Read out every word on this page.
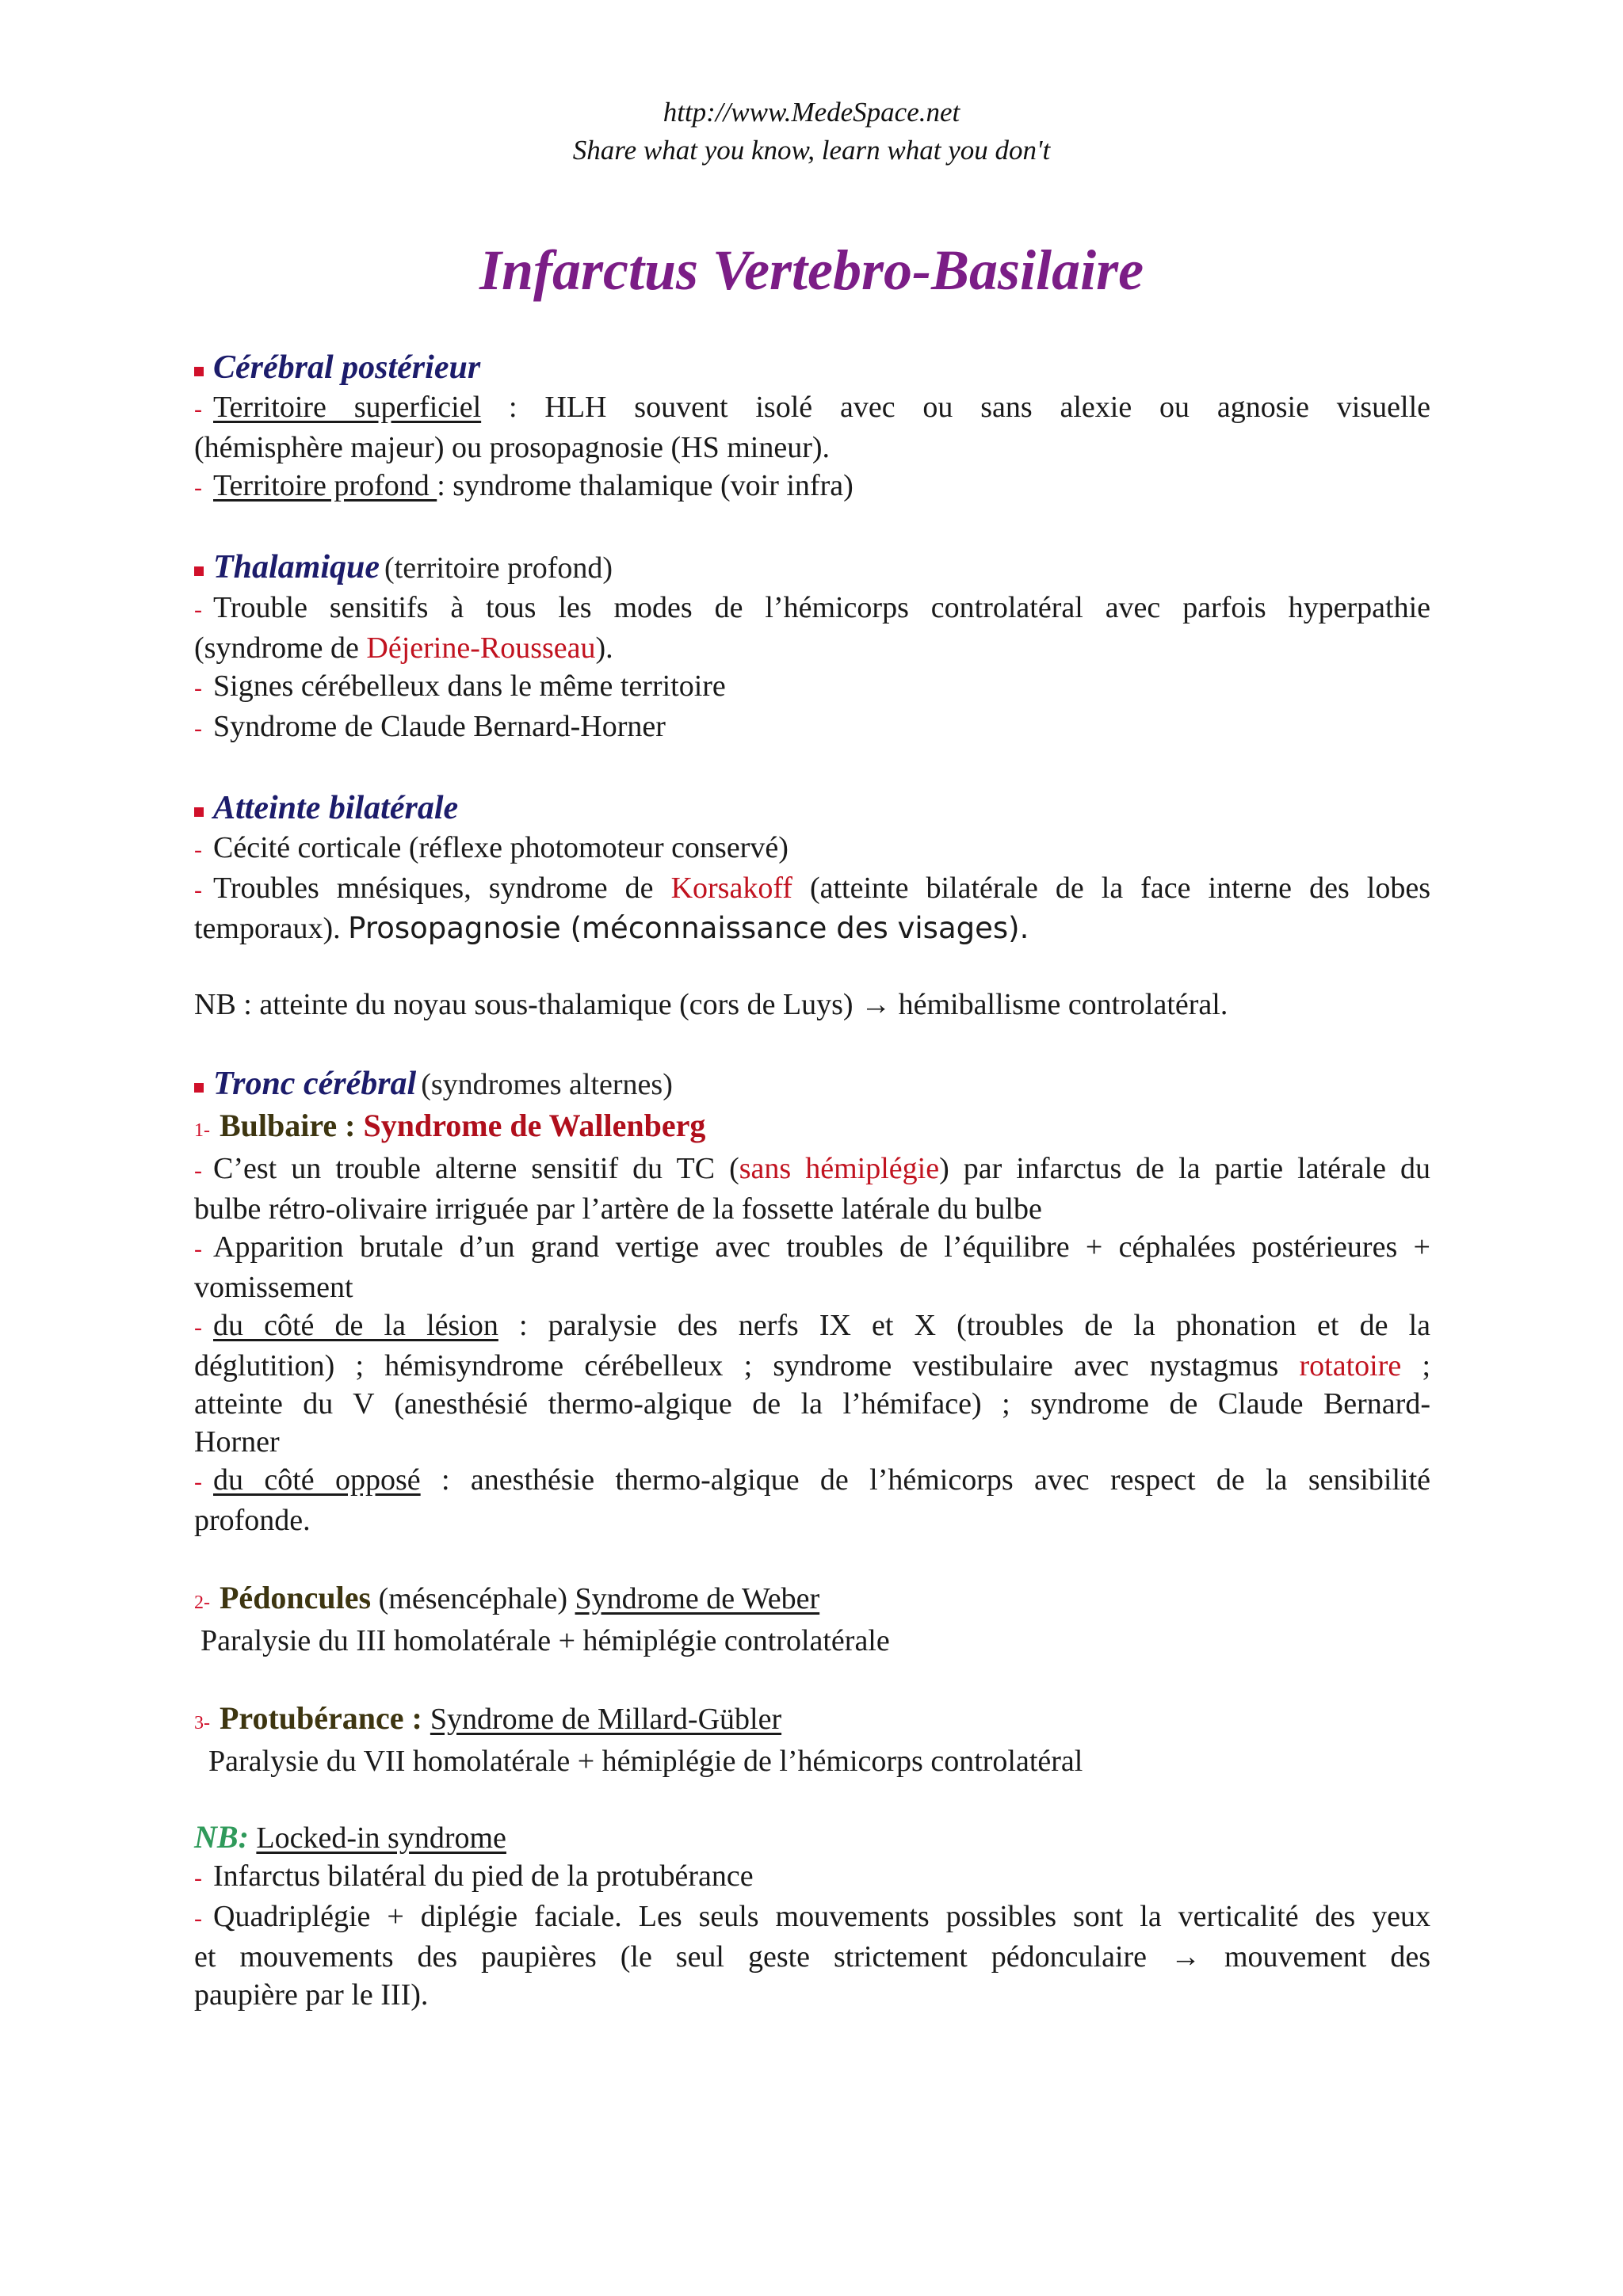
http://www.MedeSpace.net
Share what you know, learn what you don't
Infarctus Vertebro-Basilaire
Cérébral postérieur
- Territoire superficiel : HLH souvent isolé avec ou sans alexie ou agnosie visuelle
(hémisphère majeur) ou prosopagnosie (HS mineur).
- Territoire profond : syndrome thalamique (voir infra)
Thalamique (territoire profond)
- Trouble sensitifs à tous les modes de l’hémicorps controlatéral avec parfois hyperpathie
(syndrome de Déjerine-Rousseau).
- Signes cérébelleux dans le même territoire
- Syndrome de Claude Bernard-Horner
Atteinte bilatérale
- Cécité corticale (réflexe photomoteur conservé)
- Troubles mnésiques, syndrome de Korsakoff (atteinte bilatérale de la face interne des lobes
temporaux). Prosopagnosie (méconnaissance des visages).
NB : atteinte du noyau sous-thalamique (cors de Luys) → hémiballisme controlatéral.
Tronc cérébral (syndromes alternes)
1- Bulbaire : Syndrome de Wallenberg
- C’est un trouble alterne sensitif du TC (sans hémiplégie) par infarctus de la partie latérale du
bulbe rétro-olivaire irriguée par l’artère de la fossette latérale du bulbe
- Apparition brutale d’un grand vertige avec troubles de l’équilibre + céphalées postérieures +
vomissement
- du côté de la lésion : paralysie des nerfs IX et X (troubles de la phonation et de la
déglutition) ; hémisyndrome cérébelleux ; syndrome vestibulaire avec nystagmus rotatoire ;
atteinte du V (anesthésié thermo-algique de la l’hémiface) ; syndrome de Claude Bernard-
Horner
- du côté opposé : anesthésie thermo-algique de l’hémicorps avec respect de la sensibilité
profonde.
2- Pédoncules (mésencéphale) Syndrome de Weber
Paralysie du III homolatérale + hémiplégie controlatérale
3- Protubérance : Syndrome de Millard-Gübler
Paralysie du VII homolatérale + hémiplégie de l’hémicorps controlatéral
NB: Locked-in syndrome
- Infarctus bilatéral du pied de la protubérance
- Quadriplégie + diplégie faciale. Les seuls mouvements possibles sont la verticalité des yeux
et mouvements des paupières (le seul geste strictement pédonculaire → mouvement des
paupière par le III).
